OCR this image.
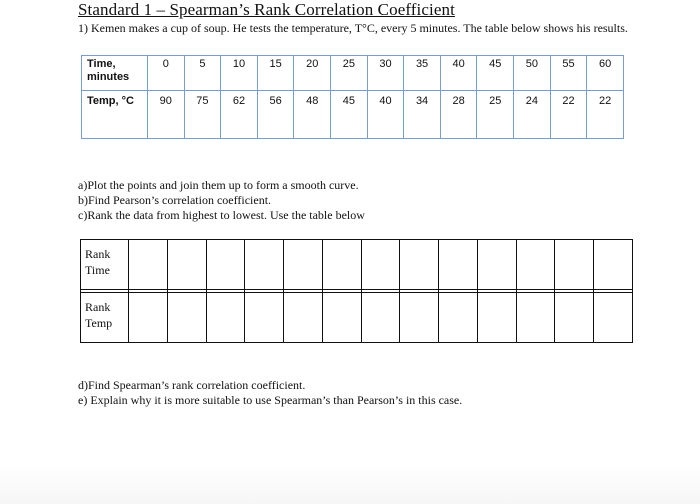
Standard 1 – Spearman’s Rank Correlation Coefficient
1) Kemen makes a cup of soup. He tests the temperature, T°C, every 5 minutes. The table below shows his results.
Time, minutes	0	5	10	15	20	25	30	35	40	45	50	55	60
Temp, °C	90	75	62	56	48	45	40	34	28	25	24	22	22
a)Plot the points and join them up to form a smooth curve.
b)Find Pearson’s correlation coefficient.
c)Rank the data from highest to lowest. Use the table below
Rank Time													

Rank Temp													
d)Find Spearman’s rank correlation coefficient.
e) Explain why it is more suitable to use Spearman’s than Pearson’s in this case.
